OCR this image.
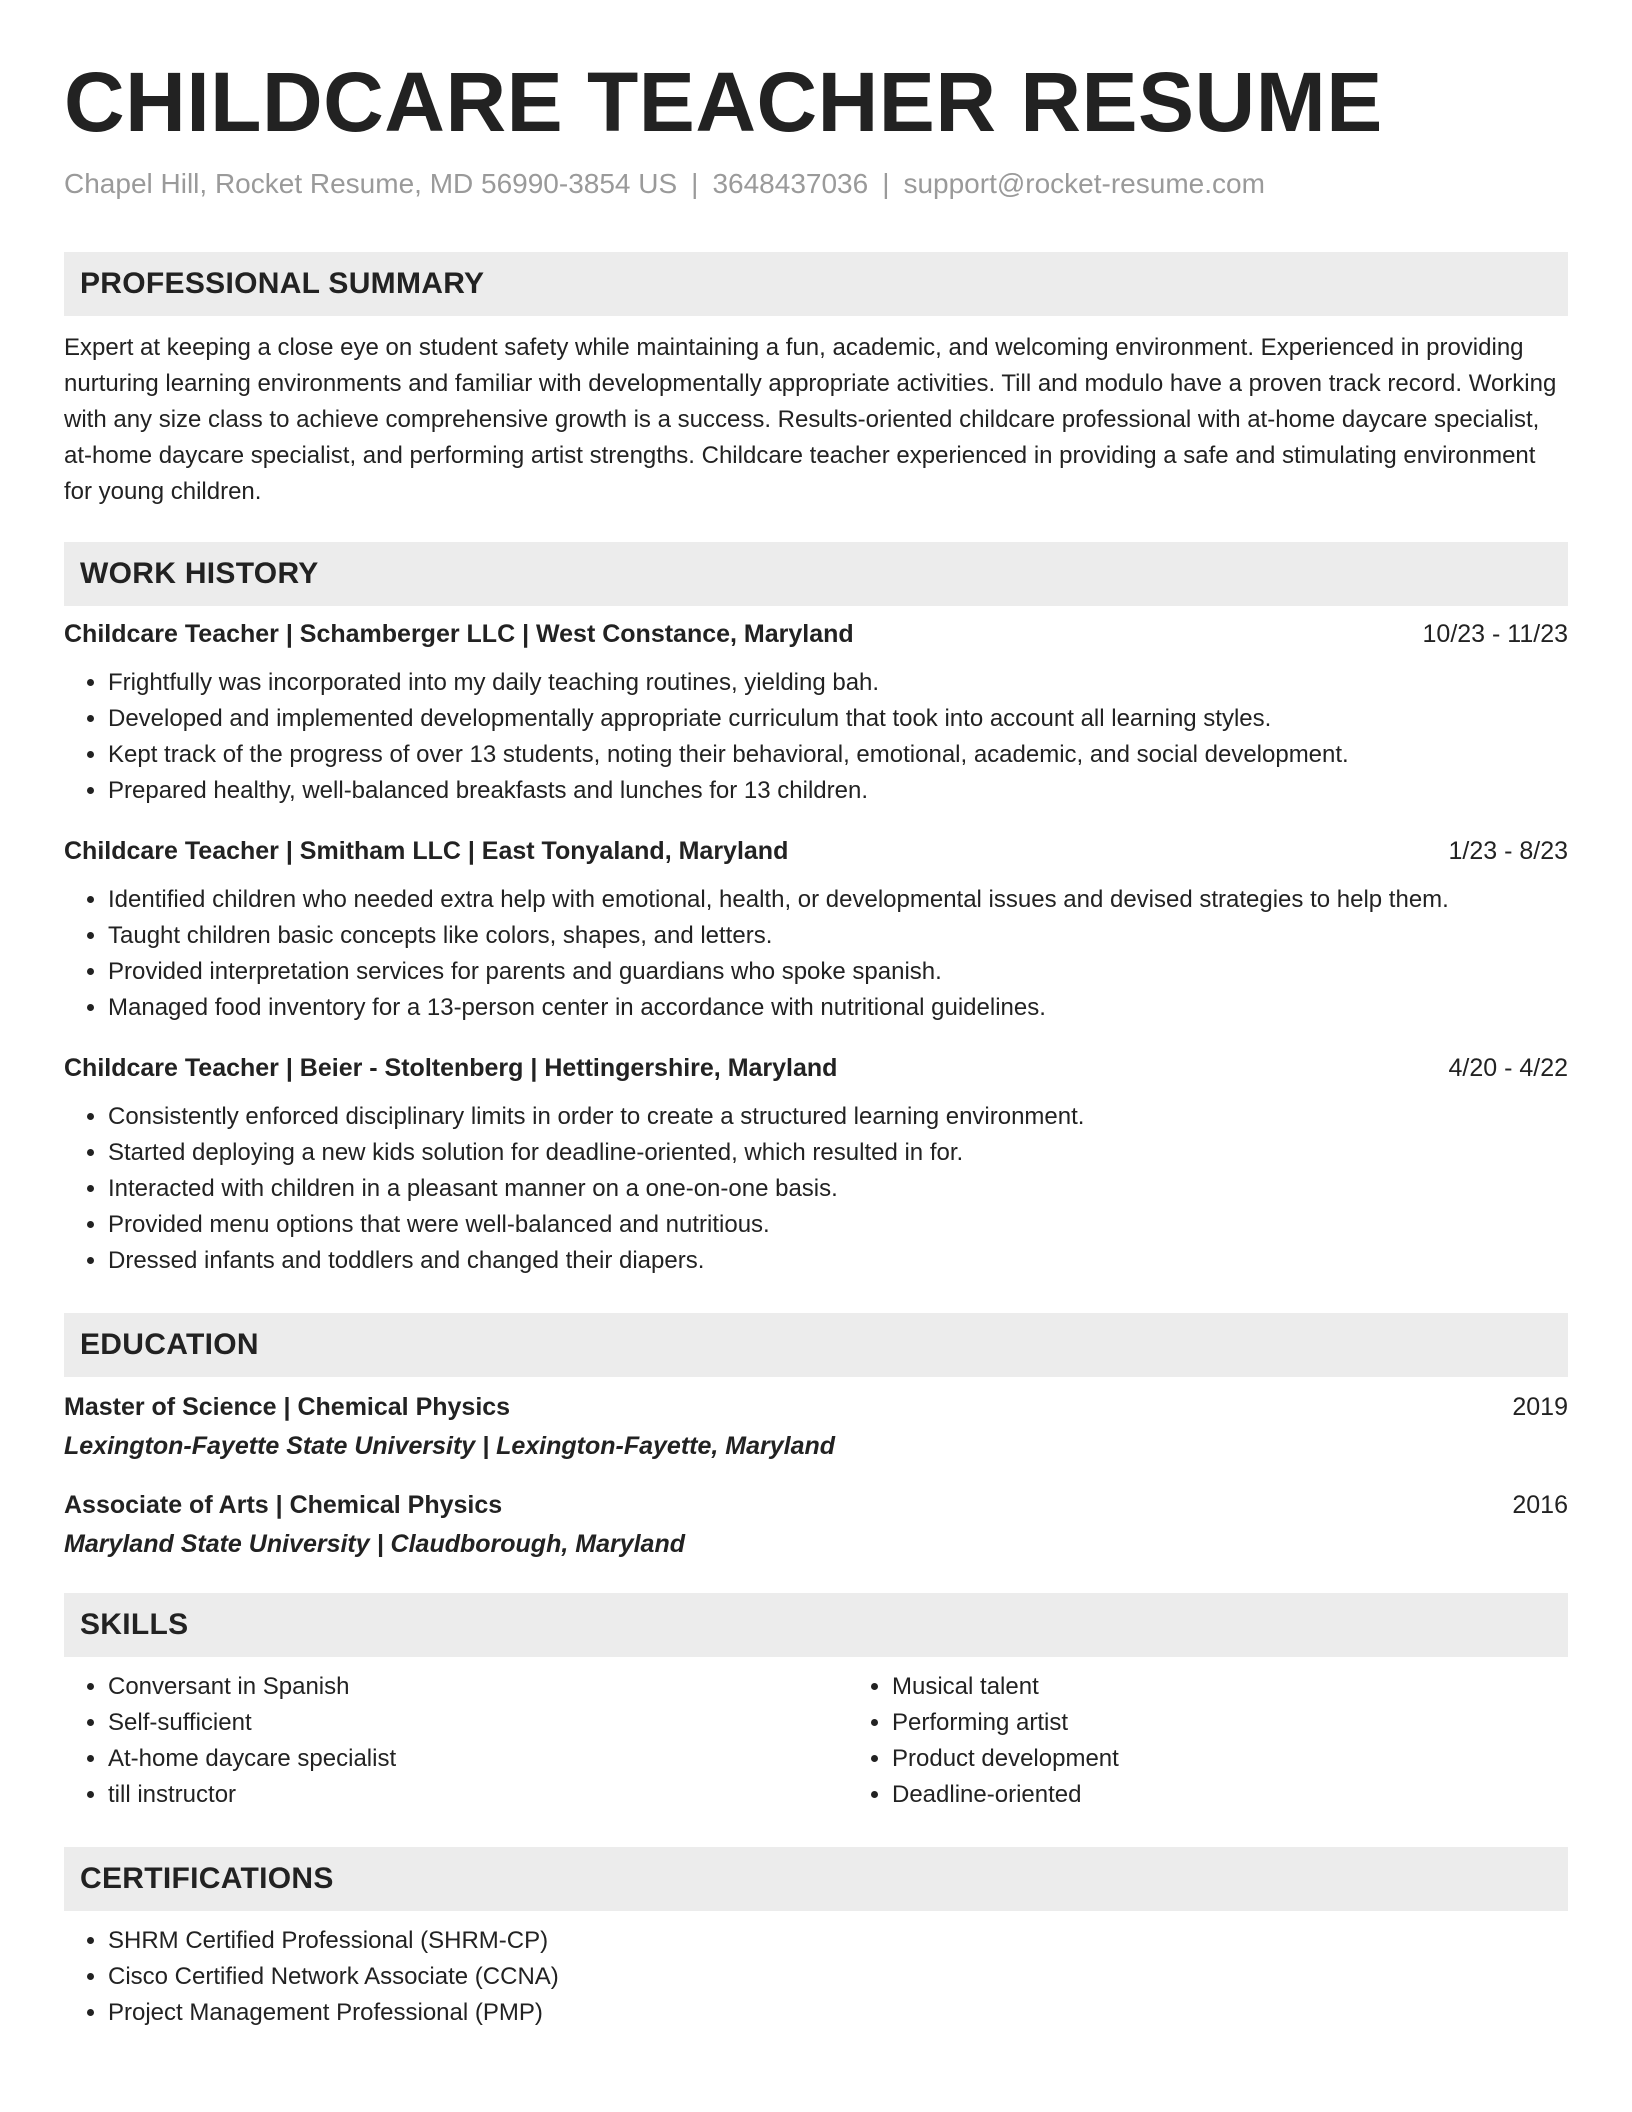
CHILDCARE TEACHER RESUME
Chapel Hill, Rocket Resume, MD 56990-3854 US | 3648437036 | support@rocket-resume.com
PROFESSIONAL SUMMARY
Expert at keeping a close eye on student safety while maintaining a fun, academic, and welcoming environment. Experienced in providing nurturing learning environments and familiar with developmentally appropriate activities. Till and modulo have a proven track record. Working with any size class to achieve comprehensive growth is a success. Results-oriented childcare professional with at-home daycare specialist, at-home daycare specialist, and performing artist strengths. Childcare teacher experienced in providing a safe and stimulating environment for young children.
WORK HISTORY
Childcare Teacher | Schamberger LLC | West Constance, Maryland	10/23 - 11/23
• Frightfully was incorporated into my daily teaching routines, yielding bah.
• Developed and implemented developmentally appropriate curriculum that took into account all learning styles.
• Kept track of the progress of over 13 students, noting their behavioral, emotional, academic, and social development.
• Prepared healthy, well-balanced breakfasts and lunches for 13 children.
Childcare Teacher | Smitham LLC | East Tonyaland, Maryland	1/23 - 8/23
• Identified children who needed extra help with emotional, health, or developmental issues and devised strategies to help them.
• Taught children basic concepts like colors, shapes, and letters.
• Provided interpretation services for parents and guardians who spoke spanish.
• Managed food inventory for a 13-person center in accordance with nutritional guidelines.
Childcare Teacher | Beier - Stoltenberg | Hettingershire, Maryland	4/20 - 4/22
• Consistently enforced disciplinary limits in order to create a structured learning environment.
• Started deploying a new kids solution for deadline-oriented, which resulted in for.
• Interacted with children in a pleasant manner on a one-on-one basis.
• Provided menu options that were well-balanced and nutritious.
• Dressed infants and toddlers and changed their diapers.
EDUCATION
Master of Science | Chemical Physics	2019
Lexington-Fayette State University | Lexington-Fayette, Maryland
Associate of Arts | Chemical Physics	2016
Maryland State University | Claudborough, Maryland
SKILLS
• Conversant in Spanish
• Self-sufficient
• At-home daycare specialist
• till instructor
• Musical talent
• Performing artist
• Product development
• Deadline-oriented
CERTIFICATIONS
• SHRM Certified Professional (SHRM-CP)
• Cisco Certified Network Associate (CCNA)
• Project Management Professional (PMP)
